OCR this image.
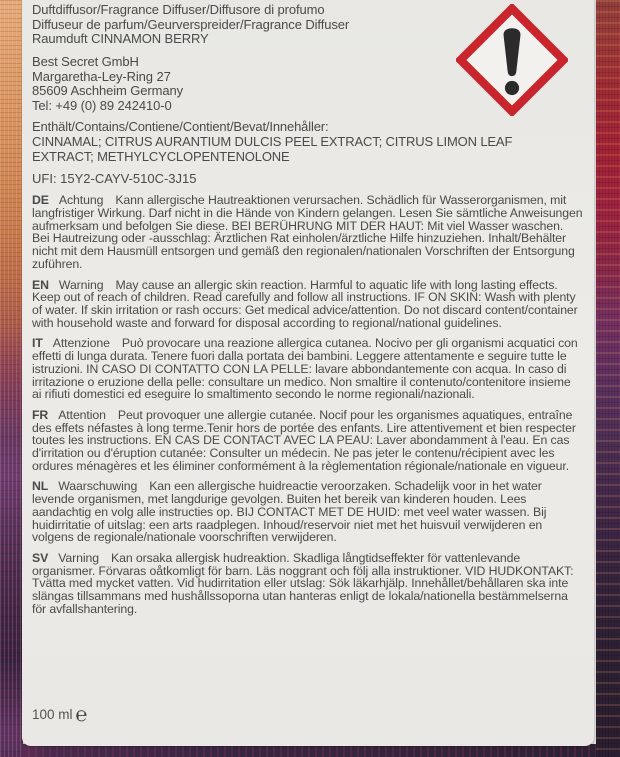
Duftdiffusor/Fragrance Diffuser/Diffusore di profumo
Diffuseur de parfum/Geurverspreider/Fragrance Diffuser
Raumduft CINNAMON BERRY
Best Secret GmbH
Margaretha-Ley-Ring 27
85609 Aschheim Germany
Tel: +49 (0) 89 242410-0
Enthält/Contains/Contiene/Contient/Bevat/Innehåller:
CINNAMAL; CITRUS AURANTIUM DULCIS PEEL EXTRACT; CITRUS LIMON LEAF EXTRACT; METHYLCYCLOPENTENOLONE
UFI: 15Y2-CAYV-510C-3J15

DE Achtung Kann allergische Hautreaktionen verursachen. Schädlich für Wasserorganismen, mit langfristiger Wirkung. Darf nicht in die Hände von Kindern gelangen. Lesen Sie sämtliche Anweisungen aufmerksam und befolgen Sie diese. BEI BERÜHRUNG MIT DER HAUT: Mit viel Wasser waschen. Bei Hautreizung oder -ausschlag: Ärztlichen Rat einholen/ärztliche Hilfe hinzuziehen. Inhalt/Behälter nicht mit dem Hausmüll entsorgen und gemäß den regionalen/nationalen Vorschriften der Entsorgung zuführen.

EN Warning May cause an allergic skin reaction. Harmful to aquatic life with long lasting effects. Keep out of reach of children. Read carefully and follow all instructions. IF ON SKIN: Wash with plenty of water. If skin irritation or rash occurs: Get medical advice/attention. Do not discard content/container with household waste and forward for disposal according to regional/national guidelines.

IT Attenzione Può provocare una reazione allergica cutanea. Nocivo per gli organismi acquatici con effetti di lunga durata. Tenere fuori dalla portata dei bambini. Leggere attentamente e seguire tutte le istruzioni. IN CASO DI CONTATTO CON LA PELLE: lavare abbondantemente con acqua. In caso di irritazione o eruzione della pelle: consultare un medico. Non smaltire il contenuto/contenitore insieme ai rifiuti domestici ed eseguire lo smaltimento secondo le norme regionali/nazionali.

FR Attention Peut provoquer une allergie cutanée. Nocif pour les organismes aquatiques, entraîne des effets néfastes à long terme.Tenir hors de portée des enfants. Lire attentivement et bien respecter toutes les instructions. EN CAS DE CONTACT AVEC LA PEAU: Laver abondamment à l'eau. En cas d'irritation ou d'éruption cutanée: Consulter un médecin. Ne pas jeter le contenu/récipient avec les ordures ménagères et les éliminer conformément à la règlementation régionale/nationale en vigueur.

NL Waarschuwing Kan een allergische huidreactie veroorzaken. Schadelijk voor in het water levende organismen, met langdurige gevolgen. Buiten het bereik van kinderen houden. Lees aandachtig en volg alle instructies op. BIJ CONTACT MET DE HUID: met veel water wassen. Bij huidirritatie of uitslag: een arts raadplegen. Inhoud/reservoir niet met het huisvuil verwijderen en volgens de regionale/nationale voorschriften verwijderen.

SV Varning Kan orsaka allergisk hudreaktion. Skadliga långtidseffekter för vattenlevande organismer. Förvaras oåtkomligt för barn. Läs noggrant och följ alla instruktioner. VID HUDKONTAKT: Tvätta med mycket vatten. Vid hudirritation eller utslag: Sök läkarhjälp. Innehållet/behållaren ska inte slängas tillsammans med hushållssoporna utan hanteras enligt de lokala/nationella bestämmelserna för avfallshantering.

100 ml ℮
